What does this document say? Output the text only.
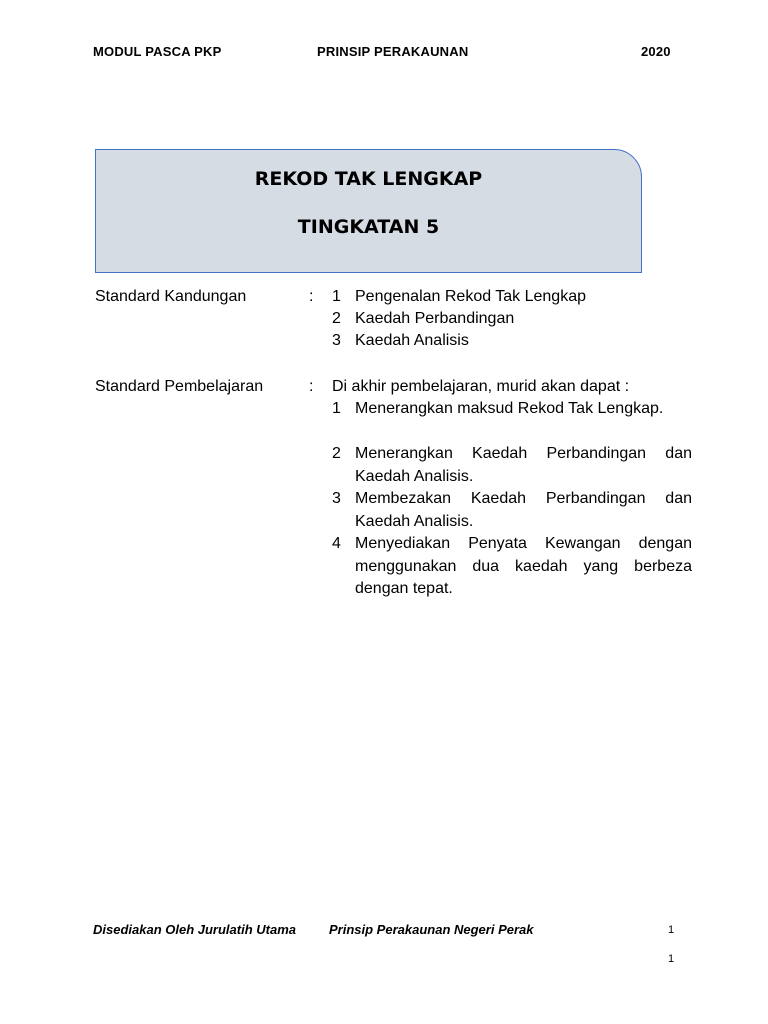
MODUL PASCA PKP	PRINSIP PERAKAUNAN	2020
REKOD TAK LENGKAP
TINGKATAN 5
Standard Kandungan	: 1 Pengenalan Rekod Tak Lengkap
2 Kaedah Perbandingan
3 Kaedah Analisis
Standard Pembelajaran	: Di akhir pembelajaran, murid akan dapat :
1 Menerangkan maksud Rekod Tak Lengkap.
2 Menerangkan Kaedah Perbandingan dan Kaedah Analisis.
3 Membezakan Kaedah Perbandingan dan Kaedah Analisis.
4 Menyediakan Penyata Kewangan dengan menggunakan dua kaedah yang berbeza dengan tepat.
Disediakan Oleh Jurulatih Utama	Prinsip Perakaunan Negeri Perak	1
1
